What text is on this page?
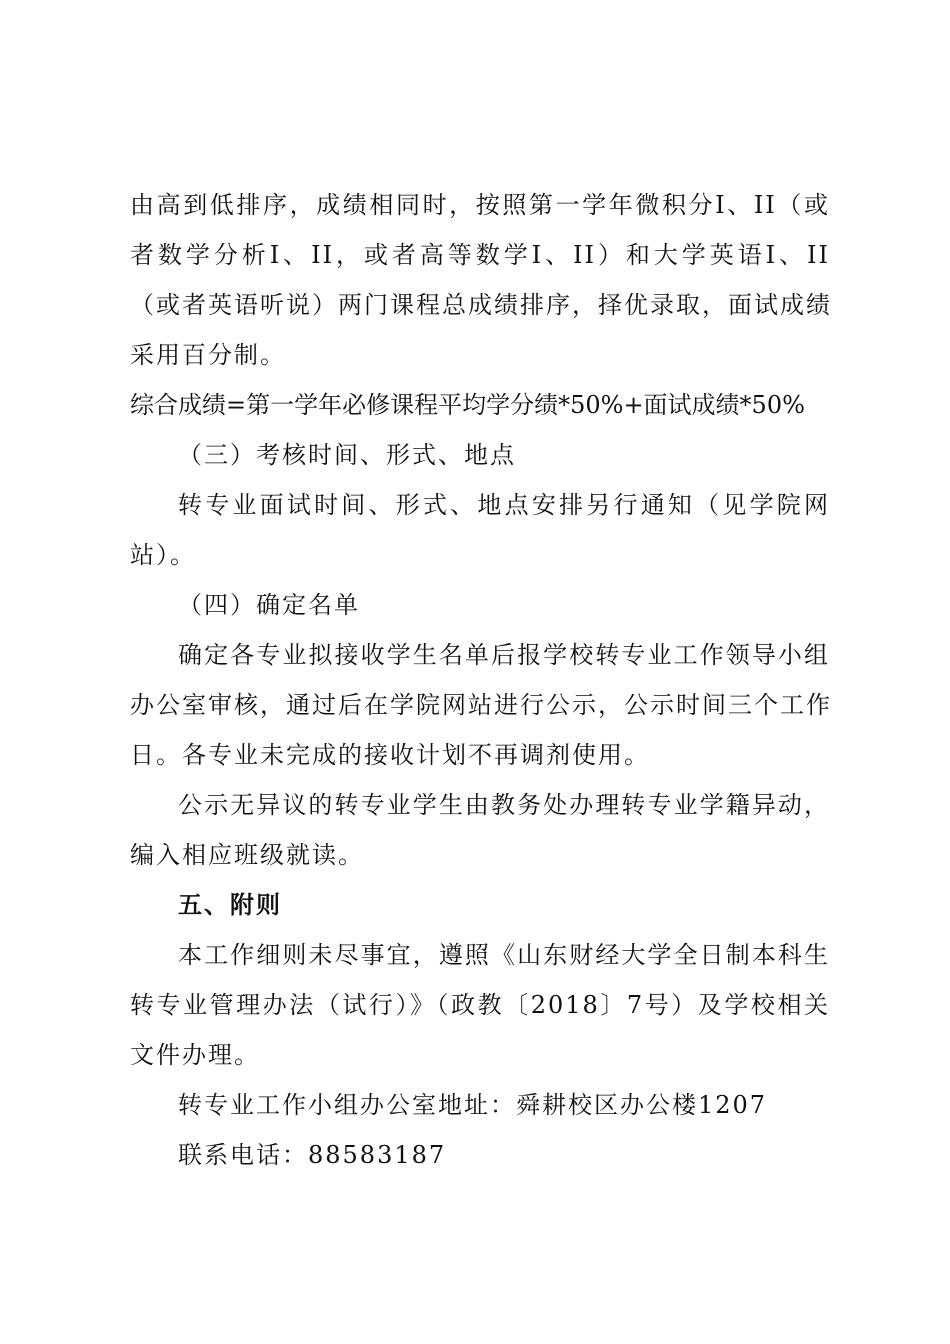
由高到低排序，成绩相同时，按照第一学年微积分I、II（或
者数学分析I、II，或者高等数学I、II）和大学英语I、II
（或者英语听说）两门课程总成绩排序，择优录取，面试成绩
采用百分制。
综合成绩=第一学年必修课程平均学分绩*50%+面试成绩*50%
（三）考核时间、形式、地点
转专业面试时间、形式、地点安排另行通知（见学院网
站）。
（四）确定名单
确定各专业拟接收学生名单后报学校转专业工作领导小组
办公室审核，通过后在学院网站进行公示，公示时间三个工作
日。各专业未完成的接收计划不再调剂使用。
公示无异议的转专业学生由教务处办理转专业学籍异动，
编入相应班级就读。
五、附则
本工作细则未尽事宜，遵照《山东财经大学全日制本科生
转专业管理办法（试行）》（政教〔2018〕7号）及学校相关
文件办理。
转专业工作小组办公室地址：舜耕校区办公楼1207
联系电话：88583187
